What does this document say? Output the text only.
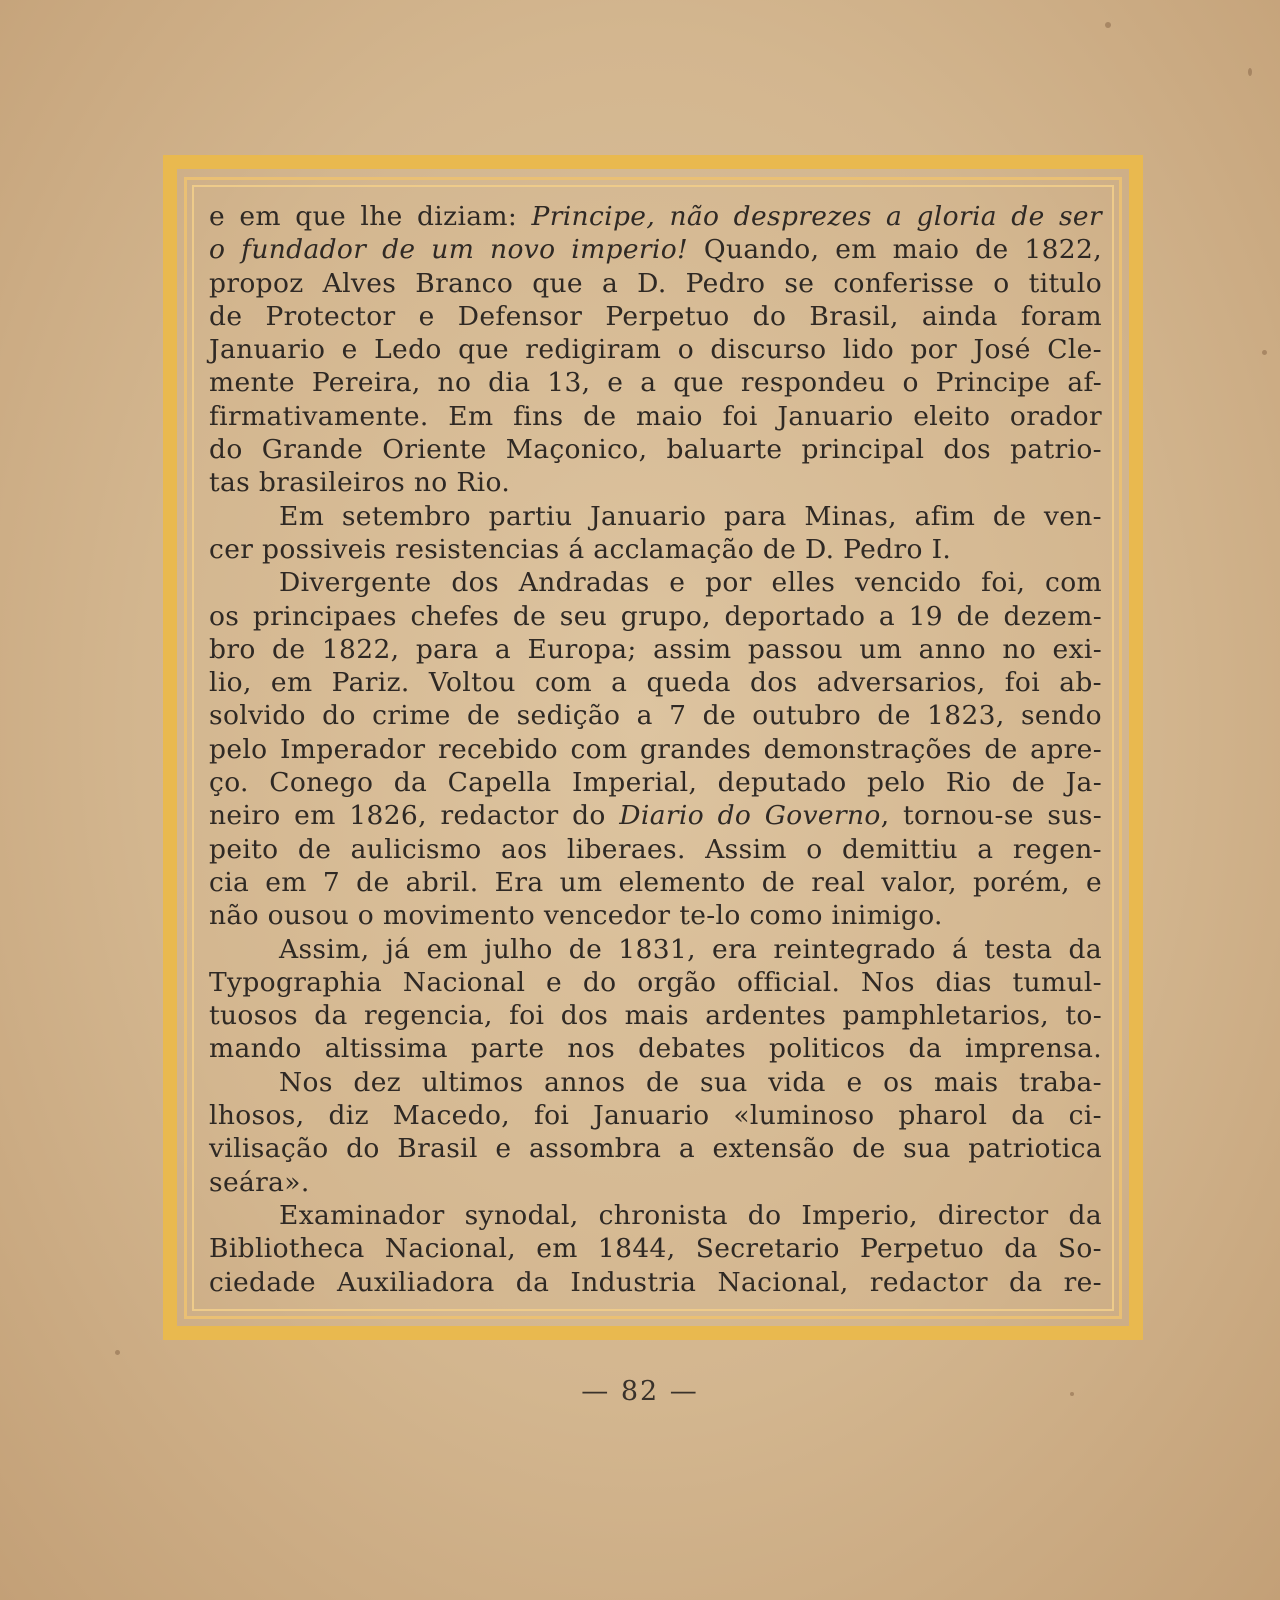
e em que lhe diziam: Principe, não desprezes a gloria de ser
o fundador de um novo imperio! Quando, em maio de 1822,
propoz Alves Branco que a D. Pedro se conferisse o titulo
de Protector e Defensor Perpetuo do Brasil, ainda foram
Januario e Ledo que redigiram o discurso lido por José Cle-
mente Pereira, no dia 13, e a que respondeu o Principe af-
firmativamente. Em fins de maio foi Januario eleito orador
do Grande Oriente Maçonico, baluarte principal dos patrio-
tas brasileiros no Rio.
Em setembro partiu Januario para Minas, afim de ven-
cer possiveis resistencias á acclamação de D. Pedro I.
Divergente dos Andradas e por elles vencido foi, com
os principaes chefes de seu grupo, deportado a 19 de dezem-
bro de 1822, para a Europa; assim passou um anno no exi-
lio, em Pariz. Voltou com a queda dos adversarios, foi ab-
solvido do crime de sedição a 7 de outubro de 1823, sendo
pelo Imperador recebido com grandes demonstrações de apre-
ço. Conego da Capella Imperial, deputado pelo Rio de Ja-
neiro em 1826, redactor do Diario do Governo, tornou-se sus-
peito de aulicismo aos liberaes. Assim o demittiu a regen-
cia em 7 de abril. Era um elemento de real valor, porém, e
não ousou o movimento vencedor te-lo como inimigo.
Assim, já em julho de 1831, era reintegrado á testa da
Typographia Nacional e do orgão official. Nos dias tumul-
tuosos da regencia, foi dos mais ardentes pamphletarios, to-
mando altissima parte nos debates politicos da imprensa.
Nos dez ultimos annos de sua vida e os mais traba-
lhosos, diz Macedo, foi Januario «luminoso pharol da ci-
vilisação do Brasil e assombra a extensão de sua patriotica
seára».
Examinador synodal, chronista do Imperio, director da
Bibliotheca Nacional, em 1844, Secretario Perpetuo da So-
ciedade Auxiliadora da Industria Nacional, redactor da re-
— 82 —
